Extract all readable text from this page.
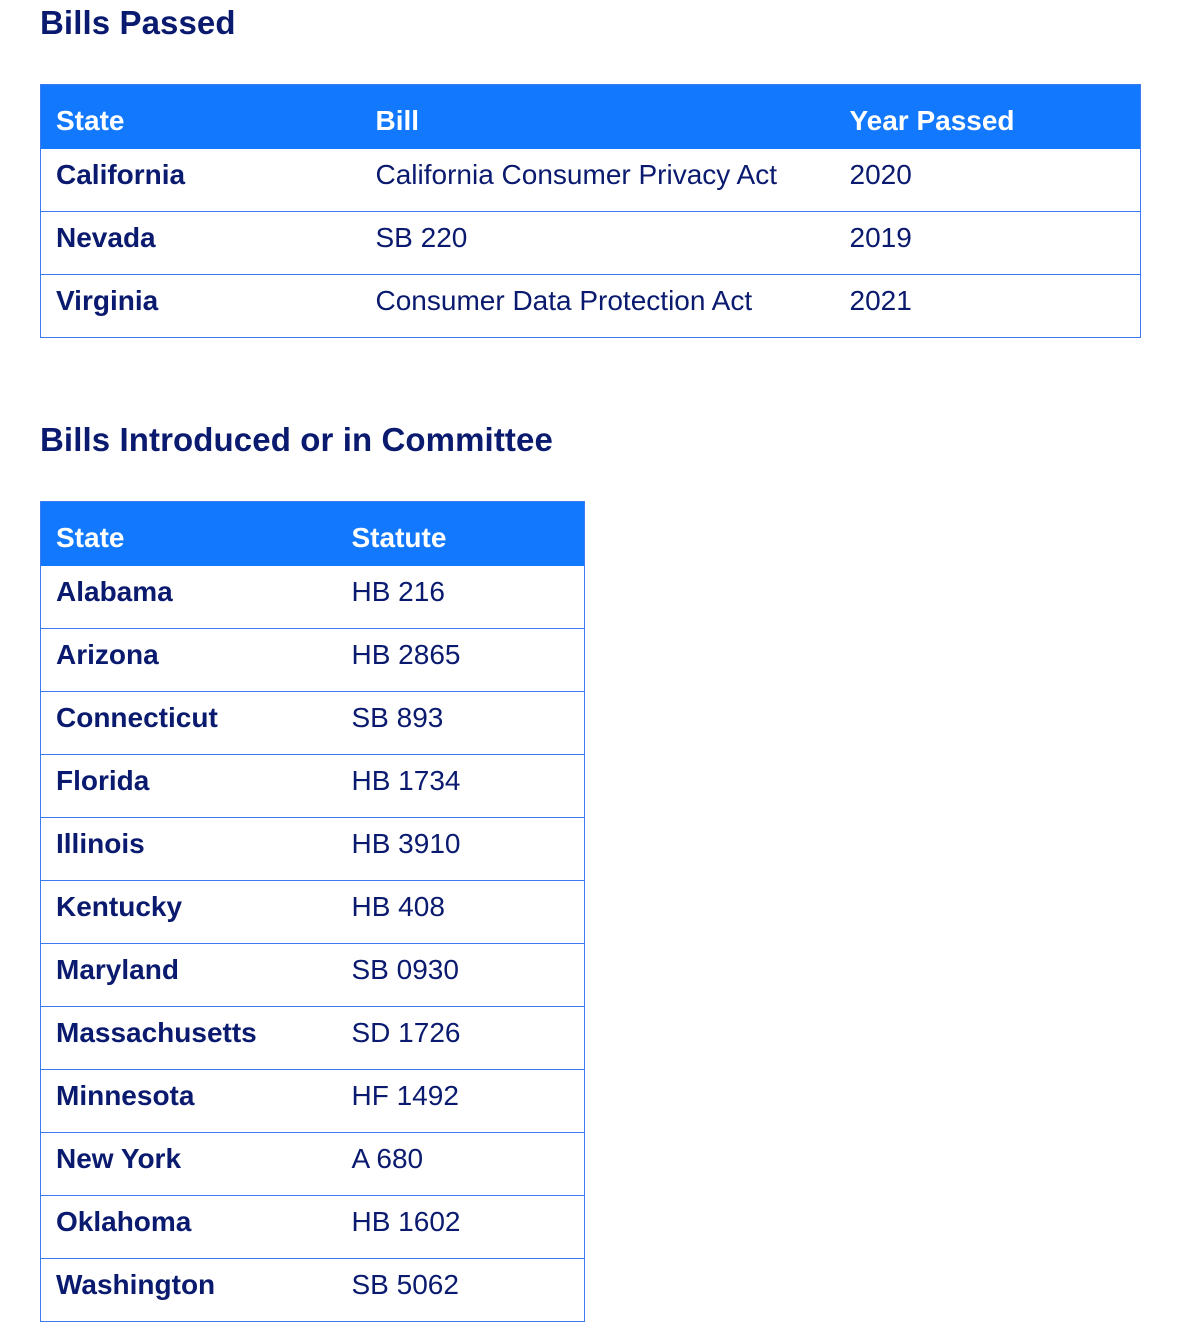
Bills Passed
State	Bill	Year Passed
California	California Consumer Privacy Act	2020
Nevada	SB 220	2019
Virginia	Consumer Data Protection Act	2021
Bills Introduced or in Committee
State	Statute
Alabama	HB 216
Arizona	HB 2865
Connecticut	SB 893
Florida	HB 1734
Illinois	HB 3910
Kentucky	HB 408
Maryland	SB 0930
Massachusetts	SD 1726
Minnesota	HF 1492
New York	A 680
Oklahoma	HB 1602
Washington	SB 5062
